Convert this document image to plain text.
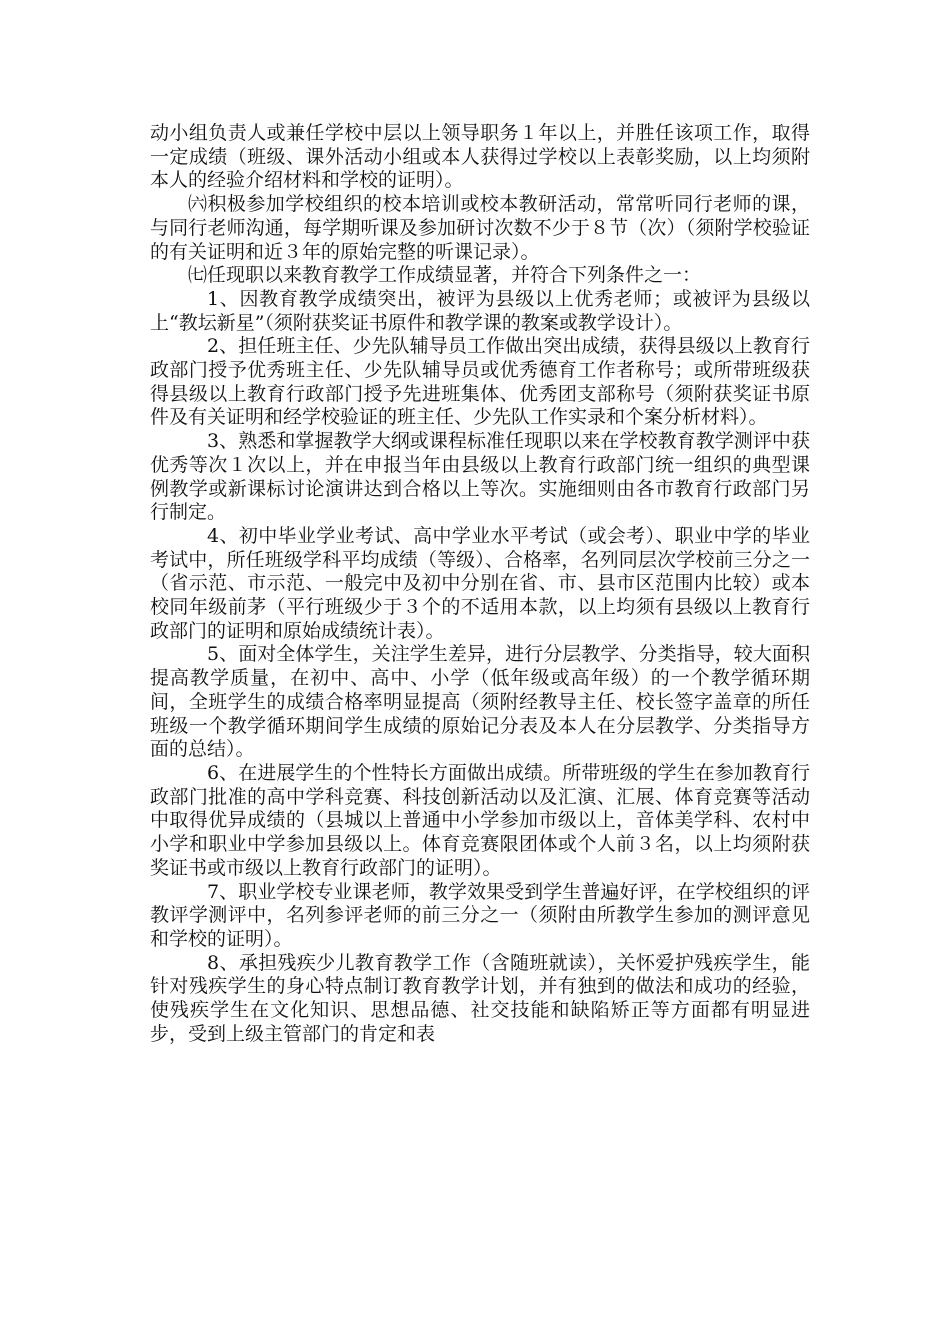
动小组负责人或兼任学校中层以上领导职务１年以上，并胜任该项工作，取得一定成绩（班级、课外活动小组或本人获得过学校以上表彰奖励，以上均须附本人的经验介绍材料和学校的证明）。

㈥积极参加学校组织的校本培训或校本教研活动，常常听同行老师的课，与同行老师沟通，每学期听课及参加研讨次数不少于８节（次）（须附学校验证的有关证明和近３年的原始完整的听课记录）。

㈦任现职以来教育教学工作成绩显著，并符合下列条件之一：

1、因教育教学成绩突出，被评为县级以上优秀老师；或被评为县级以上“教坛新星”（须附获奖证书原件和教学课的教案或教学设计）。

2、担任班主任、少先队辅导员工作做出突出成绩，获得县级以上教育行政部门授予优秀班主任、少先队辅导员或优秀德育工作者称号；或所带班级获得县级以上教育行政部门授予先进班集体、优秀团支部称号（须附获奖证书原件及有关证明和经学校验证的班主任、少先队工作实录和个案分析材料）。

3、熟悉和掌握教学大纲或课程标准任现职以来在学校教育教学测评中获优秀等次１次以上，并在申报当年由县级以上教育行政部门统一组织的典型课例教学或新课标讨论演讲达到合格以上等次。实施细则由各市教育行政部门另行制定。

4、初中毕业学业考试、高中学业水平考试（或会考）、职业中学的毕业考试中，所任班级学科平均成绩（等级）、合格率，名列同层次学校前三分之一（省示范、市示范、一般完中及初中分别在省、市、县市区范围内比较）或本校同年级前茅（平行班级少于３个的不适用本款，以上均须有县级以上教育行政部门的证明和原始成绩统计表）。

5、面对全体学生，关注学生差异，进行分层教学、分类指导，较大面积提高教学质量，在初中、高中、小学（低年级或高年级）的一个教学循环期间，全班学生的成绩合格率明显提高（须附经教导主任、校长签字盖章的所任班级一个教学循环期间学生成绩的原始记分表及本人在分层教学、分类指导方面的总结）。

6、在进展学生的个性特长方面做出成绩。所带班级的学生在参加教育行政部门批准的高中学科竞赛、科技创新活动以及汇演、汇展、体育竞赛等活动中取得优异成绩的（县城以上普通中小学参加市级以上，音体美学科、农村中小学和职业中学参加县级以上。体育竞赛限团体或个人前３名，以上均须附获奖证书或市级以上教育行政部门的证明）。

7、职业学校专业课老师，教学效果受到学生普遍好评，在学校组织的评教评学测评中，名列参评老师的前三分之一（须附由所教学生参加的测评意见和学校的证明）。

8、承担残疾少儿教育教学工作（含随班就读），关怀爱护残疾学生，能针对残疾学生的身心特点制订教育教学计划，并有独到的做法和成功的经验，使残疾学生在文化知识、思想品德、社交技能和缺陷矫正等方面都有明显进步，受到上级主管部门的肯定和表
